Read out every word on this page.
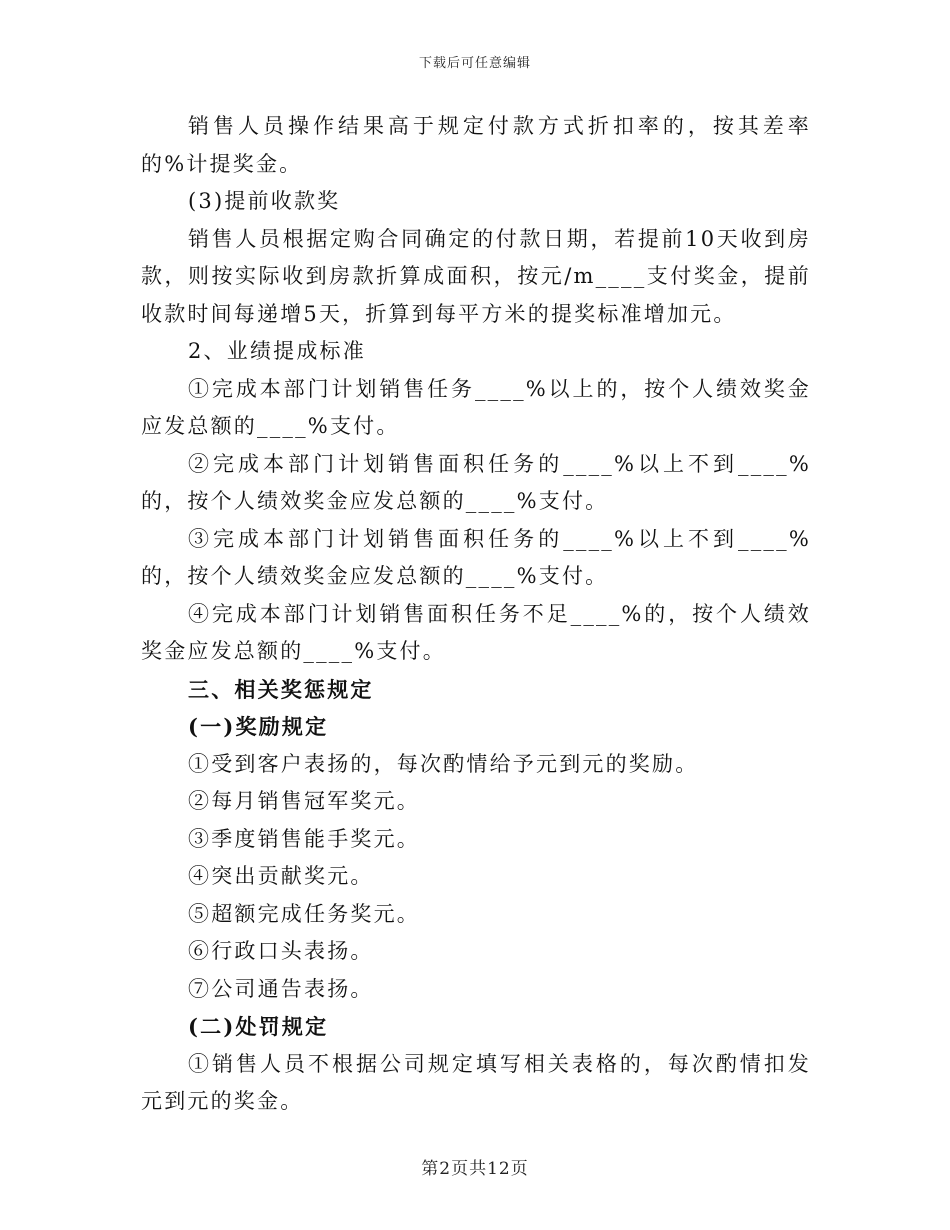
下载后可任意编辑

销售人员操作结果高于规定付款方式折扣率的，按其差率的%计提奖金。

(3)提前收款奖

销售人员根据定购合同确定的付款日期，若提前10天收到房款，则按实际收到房款折算成面积，按元/m____支付奖金，提前收款时间每递增5天，折算到每平方米的提奖标准增加元。

2、业绩提成标准

①完成本部门计划销售任务____%以上的，按个人绩效奖金应发总额的____%支付。

②完成本部门计划销售面积任务的____%以上不到____%的，按个人绩效奖金应发总额的____%支付。

③完成本部门计划销售面积任务的____%以上不到____%的，按个人绩效奖金应发总额的____%支付。

④完成本部门计划销售面积任务不足____%的，按个人绩效奖金应发总额的____%支付。

三、相关奖惩规定

(一)奖励规定

①受到客户表扬的，每次酌情给予元到元的奖励。

②每月销售冠军奖元。

③季度销售能手奖元。

④突出贡献奖元。

⑤超额完成任务奖元。

⑥行政口头表扬。

⑦公司通告表扬。

(二)处罚规定

①销售人员不根据公司规定填写相关表格的，每次酌情扣发元到元的奖金。

第2页共12页
